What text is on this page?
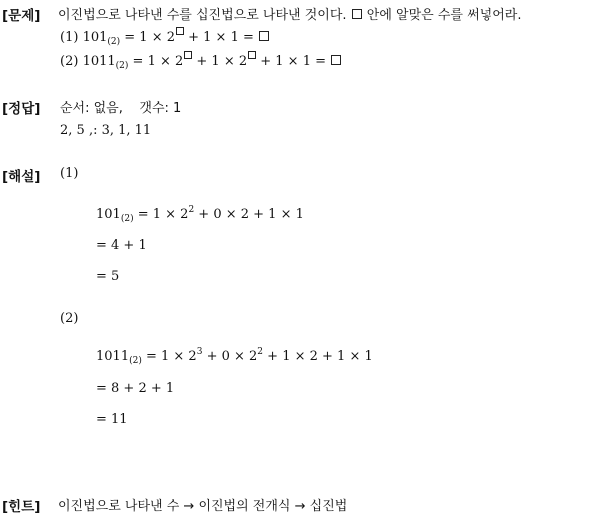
[문제] 이진법으로 나타낸 수를 십진법으로 나타낸 것이다. 안에 알맞은 수를 써넣어라.
(1) $101_{(2)} = 1 \times 2 + 1 \times 1$ =
(2) $1011_{(2)} = 1 \times 2 + 1 \times 2 + 1 \times 1$ =
[정답] 순서: 없음,    갯수: 1
2, 5 ,: 3, 1, 11
[해설] (1)
$101_{(2)} = 1 \times 2^2 + 0 \times 2 + 1 \times 1$
= 4 + 1
= 5
(2)
$1011_{(2)} = 1 \times 2^3 + 0 \times 2^2 + 1 \times 2 + 1 \times 1$
= 8 + 2 + 1
= 11
[힌트] 이진법으로 나타낸 수 → 이진법의 전개식 → 십진법
